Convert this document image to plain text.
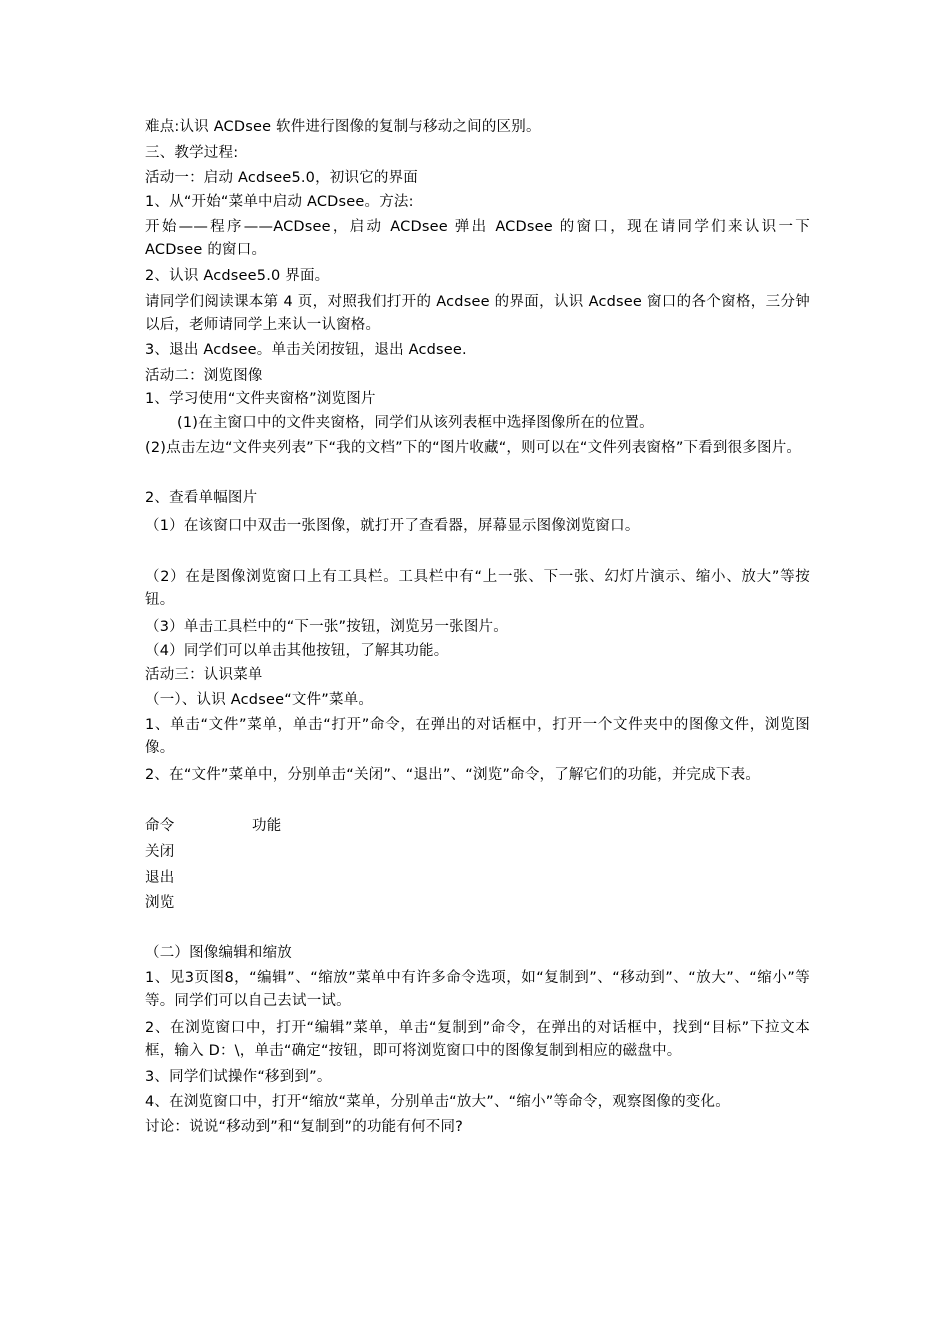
难点:认识 ACDsee 软件进行图像的复制与移动之间的区别。
三、教学过程:
活动一：启动 Acdsee5.0，初识它的界面
1、从“开始“菜单中启动 ACDsee。方法:
开始——程序——ACDsee，启动 ACDsee 弹出 ACDsee 的窗口，现在请同学们来认识一下 ACDsee 的窗口。
2、认识 Acdsee5.0 界面。
请同学们阅读课本第 4 页，对照我们打开的 Acdsee 的界面，认识 Acdsee 窗口的各个窗格，三分钟以后，老师请同学上来认一认窗格。
3、退出 Acdsee。单击关闭按钮，退出 Acdsee.
活动二：浏览图像
1、学习使用“文件夹窗格”浏览图片
(1)在主窗口中的文件夹窗格，同学们从该列表框中选择图像所在的位置。
(2)点击左边“文件夹列表”下“我的文档”下的“图片收藏“，则可以在“文件列表窗格”下看到很多图片。
2、查看单幅图片
（1）在该窗口中双击一张图像，就打开了查看器，屏幕显示图像浏览窗口。
（2）在是图像浏览窗口上有工具栏。工具栏中有“上一张、下一张、幻灯片演示、缩小、放大”等按钮。
（3）单击工具栏中的“下一张”按钮，浏览另一张图片。
（4）同学们可以单击其他按钮，了解其功能。
活动三：认识菜单
（一）、认识 Acdsee“文件”菜单。
1、单击“文件”菜单，单击“打开”命令，在弹出的对话框中，打开一个文件夹中的图像文件，浏览图像。
2、在“文件”菜单中，分别单击“关闭”、“退出”、“浏览”命令，了解它们的功能，并完成下表。
命令	功能
关闭
退出
浏览
（二）图像编辑和缩放
1、见3页图8，“编辑”、“缩放”菜单中有许多命令选项，如“复制到”、“移动到”、“放大”、“缩小”等等。同学们可以自己去试一试。
2、在浏览窗口中，打开“编辑”菜单，单击“复制到”命令，在弹出的对话框中，找到“目标”下拉文本框，输入 D：\，单击“确定“按钮，即可将浏览窗口中的图像复制到相应的磁盘中。
3、同学们试操作“移到到”。
4、在浏览窗口中，打开“缩放“菜单，分别单击“放大”、“缩小”等命令，观察图像的变化。
讨论：说说“移动到”和“复制到”的功能有何不同?
